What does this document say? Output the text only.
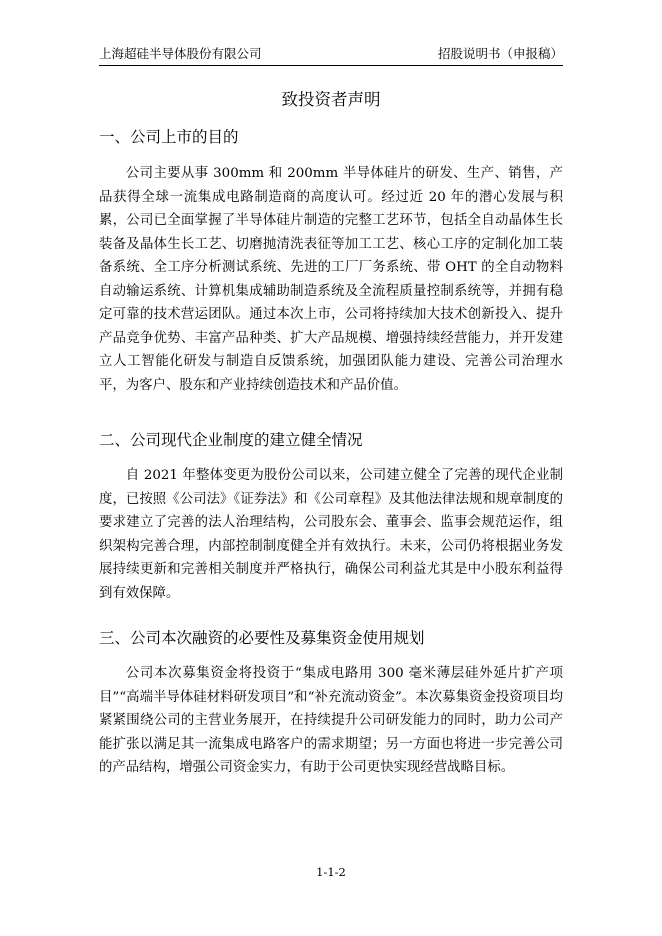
上海超硅半导体股份有限公司	招股说明书（申报稿）
致投资者声明
一、公司上市的目的

公司主要从事 300mm 和 200mm 半导体硅片的研发、生产、销售，产品获得全球一流集成电路制造商的高度认可。经过近 20 年的潜心发展与积累，公司已全面掌握了半导体硅片制造的完整工艺环节，包括全自动晶体生长装备及晶体生长工艺、切磨抛清洗表征等加工工艺、核心工序的定制化加工装备系统、全工序分析测试系统、先进的工厂厂务系统、带 OHT 的全自动物料自动输运系统、计算机集成辅助制造系统及全流程质量控制系统等，并拥有稳定可靠的技术营运团队。通过本次上市，公司将持续加大技术创新投入、提升产品竞争优势、丰富产品种类、扩大产品规模、增强持续经营能力，并开发建立人工智能化研发与制造自反馈系统，加强团队能力建设、完善公司治理水平，为客户、股东和产业持续创造技术和产品价值。

二、公司现代企业制度的建立健全情况

自 2021 年整体变更为股份公司以来，公司建立健全了完善的现代企业制度，已按照《公司法》《证券法》和《公司章程》及其他法律法规和规章制度的要求建立了完善的法人治理结构，公司股东会、董事会、监事会规范运作，组织架构完善合理，内部控制制度健全并有效执行。未来，公司仍将根据业务发展持续更新和完善相关制度并严格执行，确保公司利益尤其是中小股东利益得到有效保障。

三、公司本次融资的必要性及募集资金使用规划

公司本次募集资金将投资于“集成电路用 300 毫米薄层硅外延片扩产项目”“高端半导体硅材料研发项目”和“补充流动资金”。本次募集资金投资项目均紧紧围绕公司的主营业务展开，在持续提升公司研发能力的同时，助力公司产能扩张以满足其一流集成电路客户的需求期望；另一方面也将进一步完善公司的产品结构，增强公司资金实力，有助于公司更快实现经营战略目标。

1-1-2
